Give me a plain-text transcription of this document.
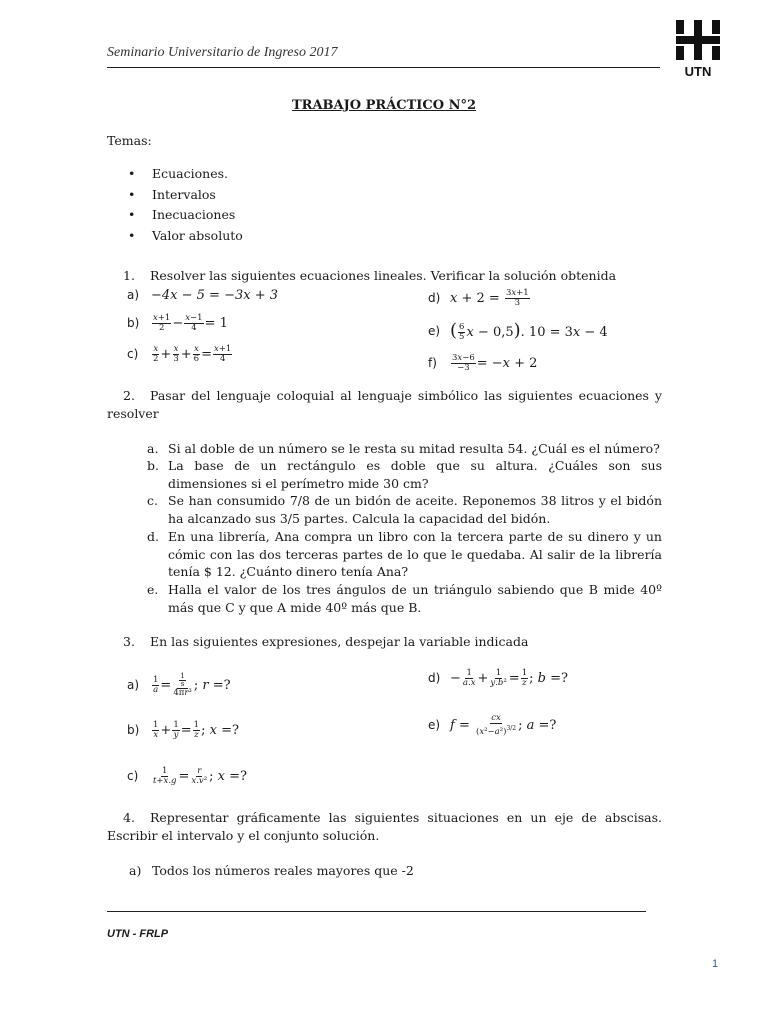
Seminario Universitario de Ingreso 2017
UTN
TRABAJO PRÁCTICO N°2
Temas:
• Ecuaciones.
• Intervalos
• Inecuaciones
• Valor absoluto
1. Resolver las siguientes ecuaciones lineales. Verificar la solución obtenida
a) −4x − 5 = −3x + 3
b)	$\frac{x+1}{2} - \frac{x-1}{4} = 1$
c)	$\frac{x}{2} + \frac{x}{3} + \frac{x}{6} = \frac{x+1}{4}$
d) $x + 2 = \frac{3x+1}{3}$
e) ( $\frac{6}{5}$ x − 0,5). 10 = 3x − 4
f)	$\frac{3x-6}{-3} = -x + 2$
2.	Pasar del lenguaje coloquial al lenguaje simbólico las siguientes ecuaciones y resolver
a. Si al doble de un número se le resta su mitad resulta 54. ¿Cuál es el número?
b. La base de un rectángulo es doble que su altura. ¿Cuáles son sus dimensiones si el perímetro mide 30 cm?
c. Se han consumido 7/8 de un bidón de aceite. Reponemos 38 litros y el bidón ha alcanzado sus 3/5 partes. Calcula la capacidad del bidón.
d. En una librería, Ana compra un libro con la tercera parte de su dinero y un cómic con las dos terceras partes de lo que le quedaba. Al salir de la librería tenía $ 12. ¿Cuánto dinero tenía Ana?
e. Halla el valor de los tres ángulos de un triángulo sabiendo que B mide 40º más que C y que A mide 40º más que B.
3. En las siguientes expresiones, despejar la variable indicada
a)	$\frac{1}{a} = \frac{\frac{1}{s}}{\text{4πr³}}$ ; r =?
b)	$\frac{1}{x} + \frac{1}{y} = \frac{1}{z}$ ; x =?
c)	$\frac{1}{t+x.g} = \frac{r}{\text{x.v²}}$ ; x =?
$d) - \frac{1}{a.x} + \frac{1}{\text{y.b²}} = \frac{1}{z}$ ; b =?
e) $f = \frac{cx}{(x^2-a^2)^{3/2}}$ ; a =?
4.	Representar gráficamente las siguientes situaciones en un eje de abscisas. Escribir el intervalo y el conjunto solución.
a) Todos los números reales mayores que -2
UTN - FRLP
1
